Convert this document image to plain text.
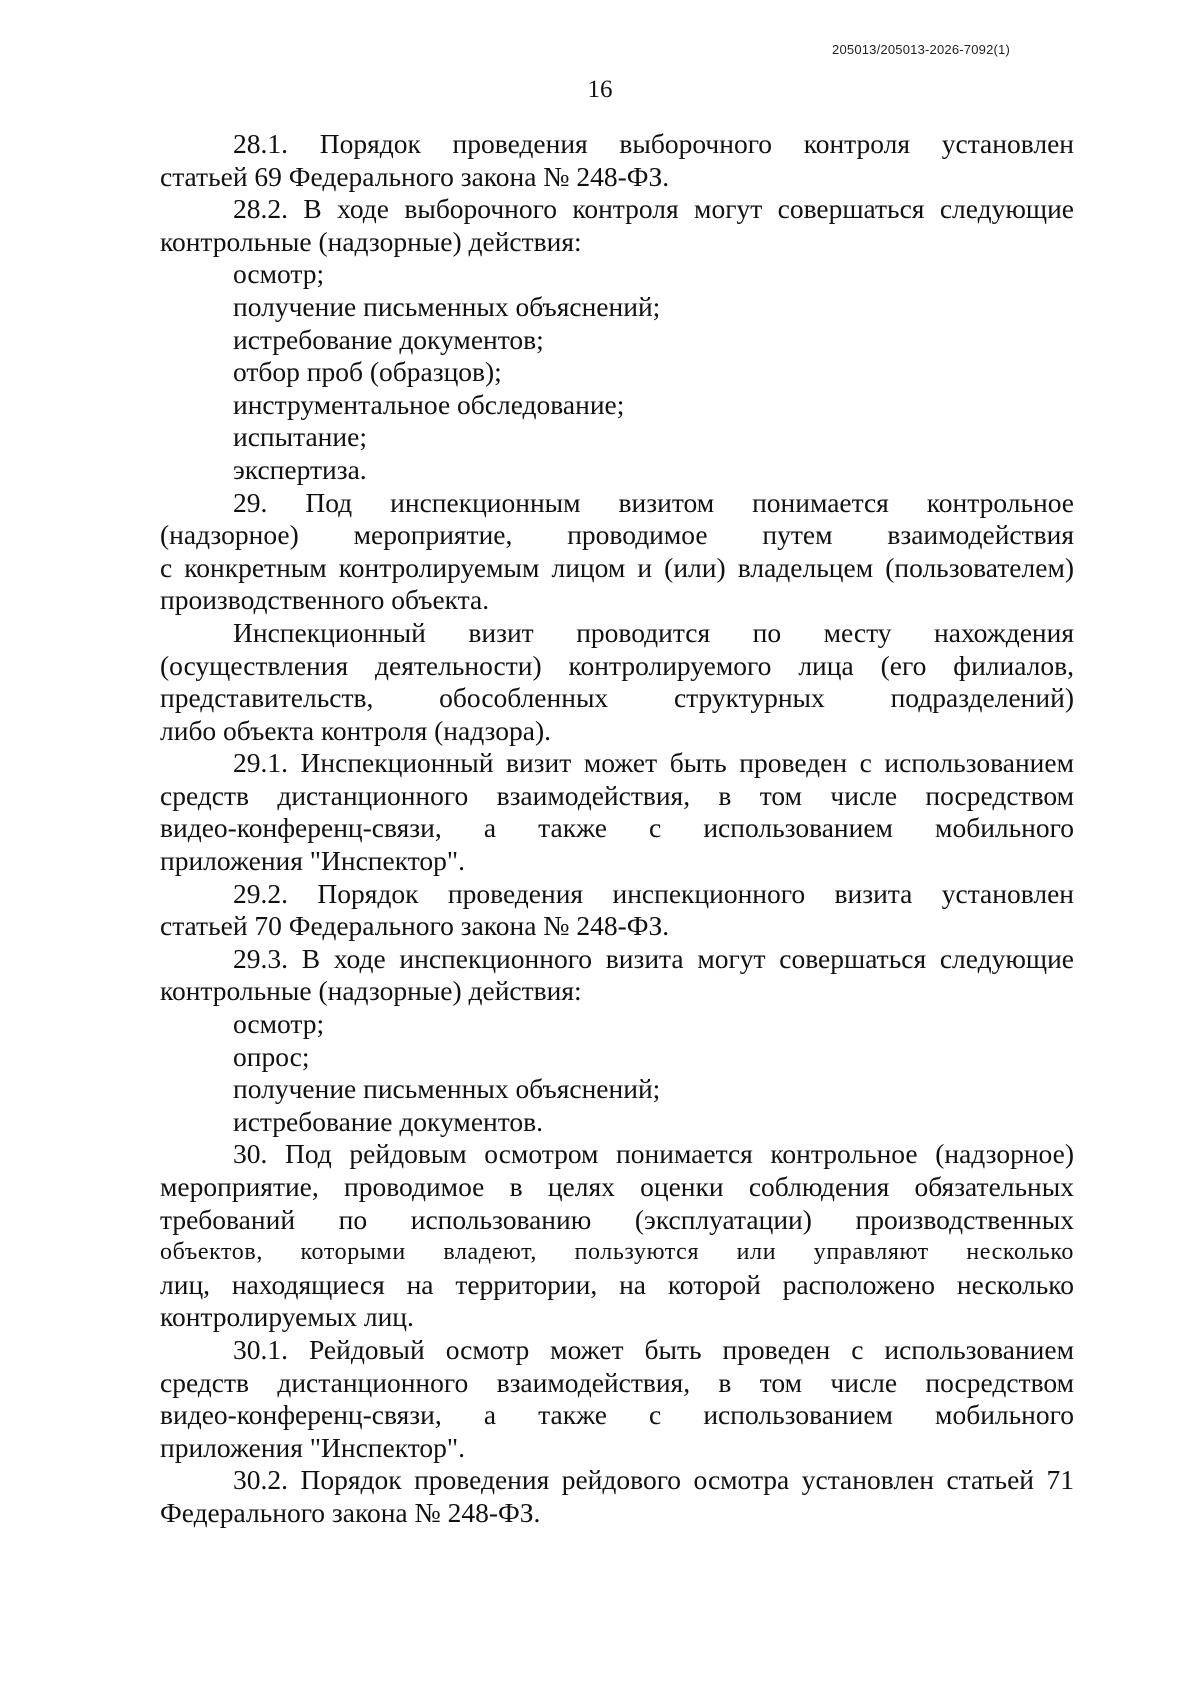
205013/205013-2026-7092(1)
16
28.1. Порядок проведения выборочного контроля установлен
статьей 69 Федерального закона № 248-ФЗ.
28.2. В ходе выборочного контроля могут совершаться следующие
контрольные (надзорные) действия:

осмотр;

получение письменных объяснений;

истребование документов;

отбор проб (образцов);

инструментальное обследование;

испытание;

экспертиза.

29. Под инспекционным визитом понимается контрольное
(надзорное) мероприятие, проводимое путем взаимодействия
с конкретным контролируемым лицом и (или) владельцем (пользователем)
производственного объекта.
Инспекционный визит проводится по месту нахождения
(осуществления деятельности) контролируемого лица (его филиалов,
представительств, обособленных структурных подразделений)
либо объекта контроля (надзора).
29.1. Инспекционный визит может быть проведен с использованием
средств дистанционного взаимодействия, в том числе посредством
видео-конференц-связи, а также с использованием мобильного
приложения "Инспектор".
29.2. Порядок проведения инспекционного визита установлен
статьей 70 Федерального закона № 248-ФЗ.
29.3. В ходе инспекционного визита могут совершаться следующие
контрольные (надзорные) действия:

осмотр;

опрос;

получение письменных объяснений;

истребование документов.

30. Под рейдовым осмотром понимается контрольное (надзорное)
мероприятие, проводимое в целях оценки соблюдения обязательных
требований по использованию (эксплуатации) производственных
объектов, которыми владеют, пользуются или управляют несколько
лиц, находящиеся на территории, на которой расположено несколько
контролируемых лиц.
30.1. Рейдовый осмотр может быть проведен с использованием
средств дистанционного взаимодействия, в том числе посредством
видео-конференц-связи, а также с использованием мобильного
приложения "Инспектор".
30.2. Порядок проведения рейдового осмотра установлен статьей 71
Федерального закона № 248-ФЗ.
